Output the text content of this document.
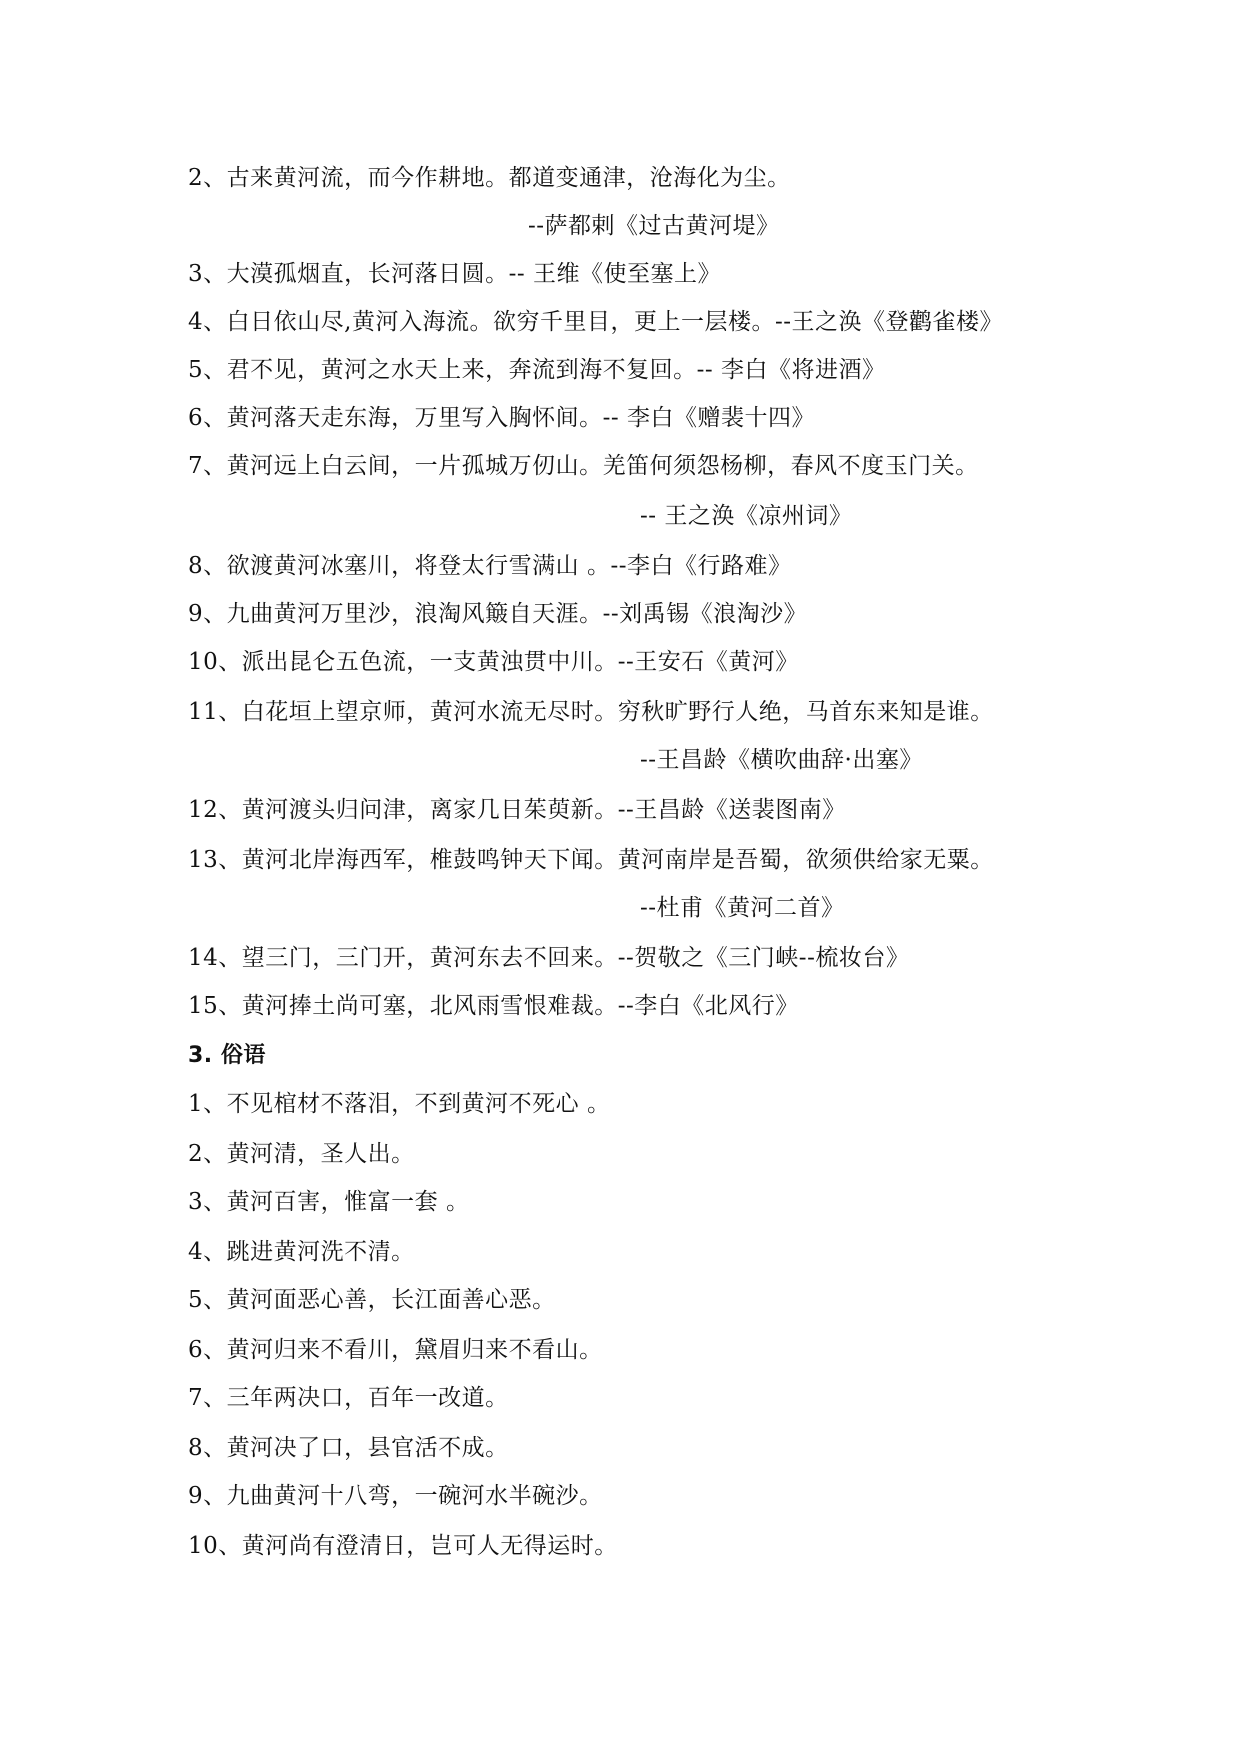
2、古来黄河流，而今作耕地。都道变通津，沧海化为尘。
--萨都剌《过古黄河堤》
3、大漠孤烟直，长河落日圆。-- 王维《使至塞上》
4、白日依山尽,黄河入海流。欲穷千里目，更上一层楼。--王之涣《登鹳雀楼》
5、君不见，黄河之水天上来，奔流到海不复回。-- 李白《将进酒》
6、黄河落天走东海，万里写入胸怀间。-- 李白《赠裴十四》
7、黄河远上白云间，一片孤城万仞山。羌笛何须怨杨柳，春风不度玉门关。
-- 王之涣《凉州词》
8、欲渡黄河冰塞川，将登太行雪满山 。--李白《行路难》
9、九曲黄河万里沙，浪淘风簸自天涯。--刘禹锡《浪淘沙》
10、派出昆仑五色流，一支黄浊贯中川。--王安石《黄河》
11、白花垣上望京师，黄河水流无尽时。穷秋旷野行人绝，马首东来知是谁。
--王昌龄《横吹曲辞·出塞》
12、黄河渡头归问津，离家几日茱萸新。--王昌龄《送裴图南》
13、黄河北岸海西军，椎鼓鸣钟天下闻。黄河南岸是吾蜀，欲须供给家无粟。
--杜甫《黄河二首》
14、望三门，三门开，黄河东去不回来。--贺敬之《三门峡--梳妆台》
15、黄河捧土尚可塞，北风雨雪恨难裁。--李白《北风行》
3. 俗语
1、不见棺材不落泪，不到黄河不死心 。
2、黄河清，圣人出。
3、黄河百害，惟富一套 。
4、跳进黄河洗不清。
5、黄河面恶心善，长江面善心恶。
6、黄河归来不看川，黛眉归来不看山。
7、三年两决口，百年一改道。
8、黄河决了口，县官活不成。
9、九曲黄河十八弯，一碗河水半碗沙。
10、黄河尚有澄清日，岂可人无得运时。
